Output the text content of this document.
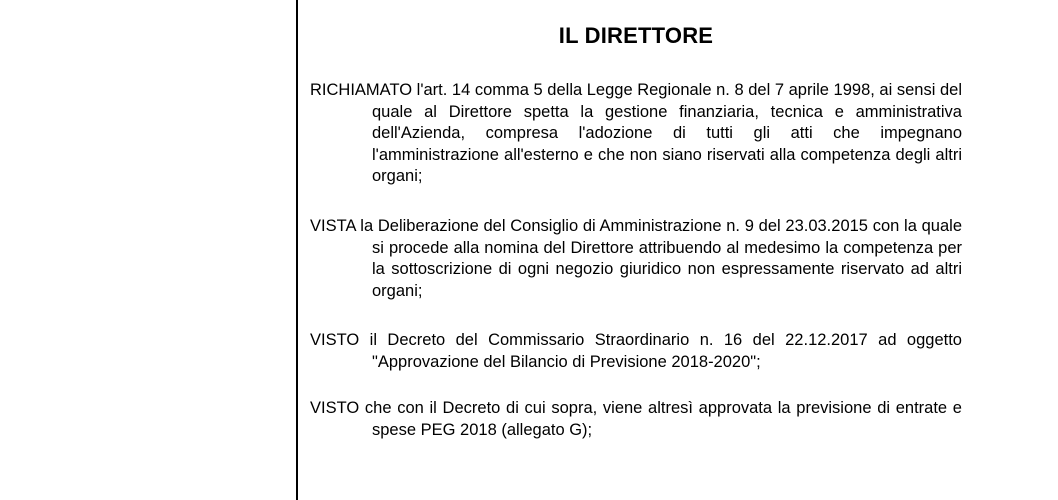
IL DIRETTORE

RICHIAMATO l'art. 14 comma 5 della Legge Regionale n. 8 del 7 aprile 1998, ai sensi del quale al Direttore spetta la gestione finanziaria, tecnica e amministrativa dell'Azienda, compresa l'adozione di tutti gli atti che impegnano l'amministrazione all'esterno e che non siano riservati alla competenza degli altri organi;

VISTA la Deliberazione del Consiglio di Amministrazione n. 9 del 23.03.2015 con la quale si procede alla nomina del Direttore attribuendo al medesimo la competenza per la sottoscrizione di ogni negozio giuridico non espressamente riservato ad altri organi;

VISTO il Decreto del Commissario Straordinario n. 16 del 22.12.2017 ad oggetto "Approvazione del Bilancio di Previsione 2018-2020";

VISTO che con il Decreto di cui sopra, viene altresì approvata la previsione di entrate e spese PEG 2018 (allegato G);
